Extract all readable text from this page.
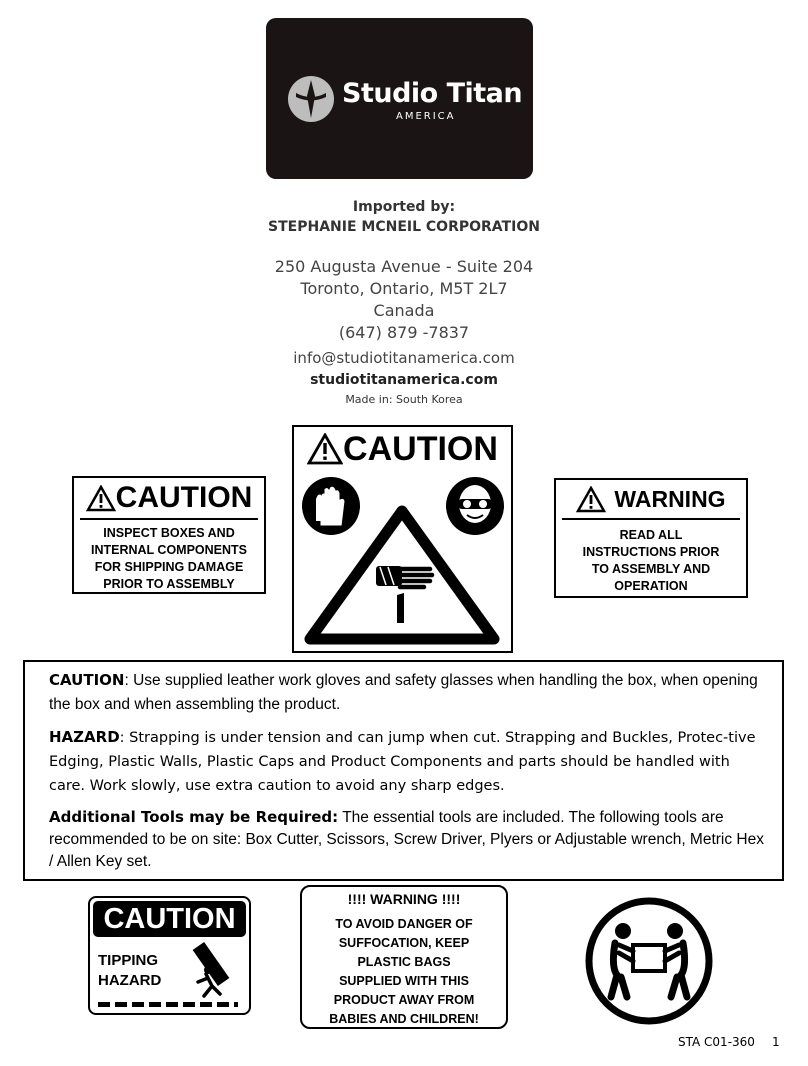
Studio Titan
AMERICA
Imported by:
STEPHANIE MCNEIL CORPORATION
250 Augusta Avenue - Suite 204
Toronto, Ontario, M5T 2L7
Canada
(647) 879 -7837
info@studiotitanamerica.com
studiotitanamerica.com
Made in: South Korea
CAUTION
INSPECT BOXES AND
INTERNAL COMPONENTS
FOR SHIPPING DAMAGE
PRIOR TO ASSEMBLY
CAUTION
WARNING
READ ALL
INSTRUCTIONS PRIOR
TO ASSEMBLY AND
OPERATION

CAUTION: Use supplied leather work gloves and safety glasses when handling the box, when opening the box and when assembling the product.

HAZARD: Strapping is under tension and can jump when cut. Strapping and Buckles, Protec-tive Edging, Plastic Walls, Plastic Caps and Product Components and parts should be handled with care. Work slowly, use extra caution to avoid any sharp edges.

Additional Tools may be Required: The essential tools are included. The following tools are recommended to be on site: Box Cutter, Scissors, Screw Driver, Plyers or Adjustable wrench, Metric Hex / Allen Key set.

CAUTION
TIPPING
HAZARD
!!!! WARNING !!!!
TO AVOID DANGER OF
SUFFOCATION, KEEP
PLASTIC BAGS
SUPPLIED WITH THIS
PRODUCT AWAY FROM
BABIES AND CHILDREN!
STA C01-360 1
